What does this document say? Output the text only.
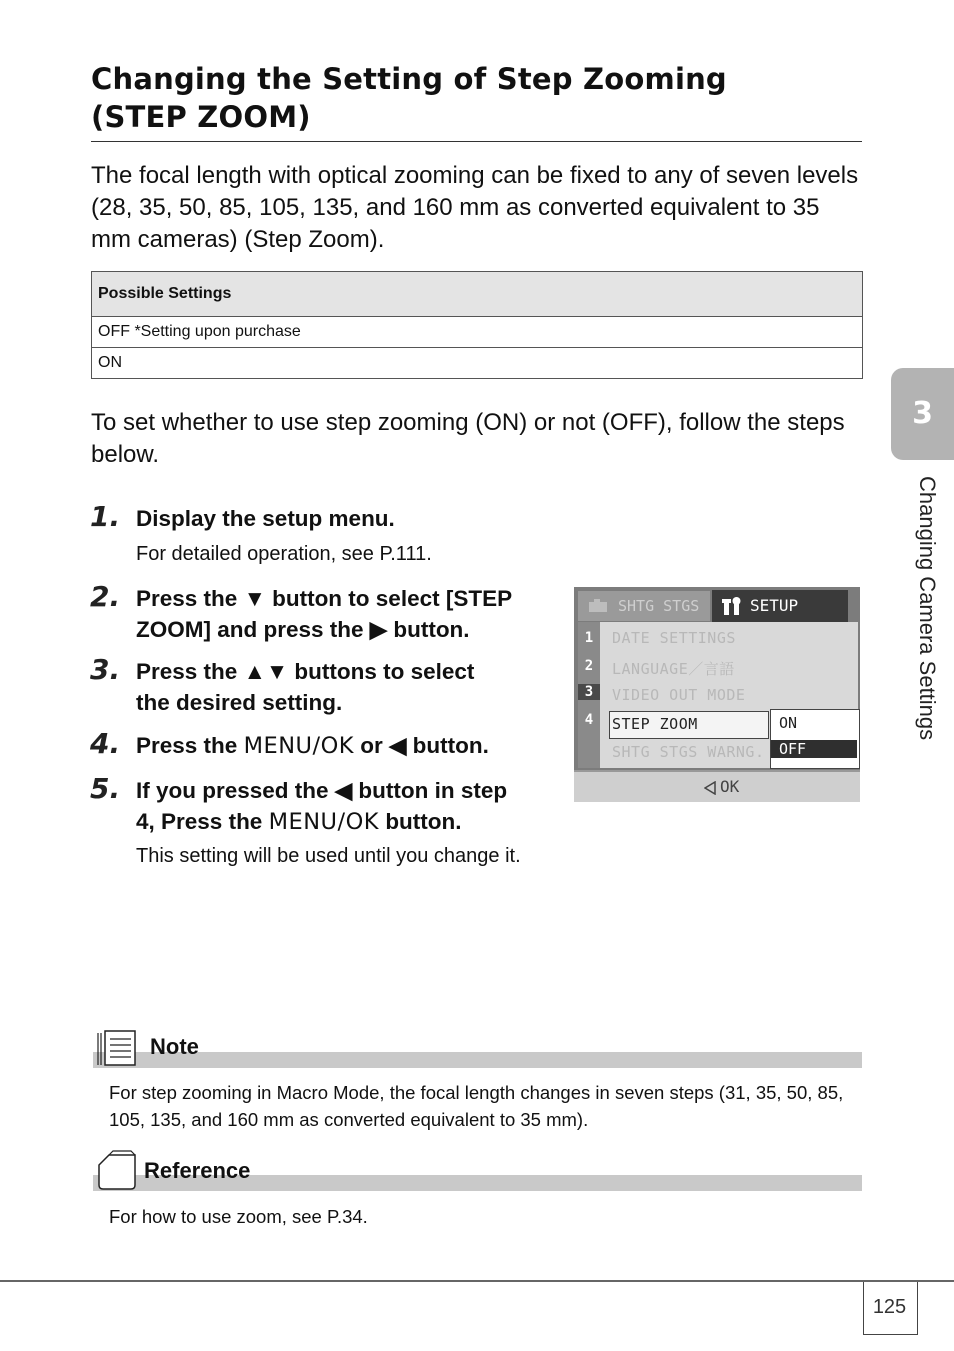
Changing the Setting of Step Zooming
(STEP ZOOM)
The focal length with optical zooming can be fixed to any of seven levels (28, 35, 50, 85, 105, 135, and 160 mm as converted equivalent to 35 mm cameras) (Step Zoom).
Possible Settings
OFF *Setting upon purchase
ON
To set whether to use step zooming (ON) or not (OFF), follow the steps below.
1. Display the setup menu.
For detailed operation, see P.111.
2. Press the ▼ button to select [STEP
ZOOM] and press the ▶ button.
3. Press the ▲▼ buttons to select
the desired setting.
4. Press the MENU/OK or ◀ button.
5. If you pressed the ◀ button in step
4, Press the MENU/OK button.
This setting will be used until you change it.
SHTG STGS	SETUP
1
2
3
4
DATE SETTINGS
LANGUAGE／言語
VIDEO OUT MODE
STEP ZOOM
SHTG STGS WARNG.
ON
OFF
OK
3
Changing Camera Settings
Note
For step zooming in Macro Mode, the focal length changes in seven steps (31, 35, 50, 85, 105, 135, and 160 mm as converted equivalent to 35 mm).
Reference
For how to use zoom, see P.34.
125
